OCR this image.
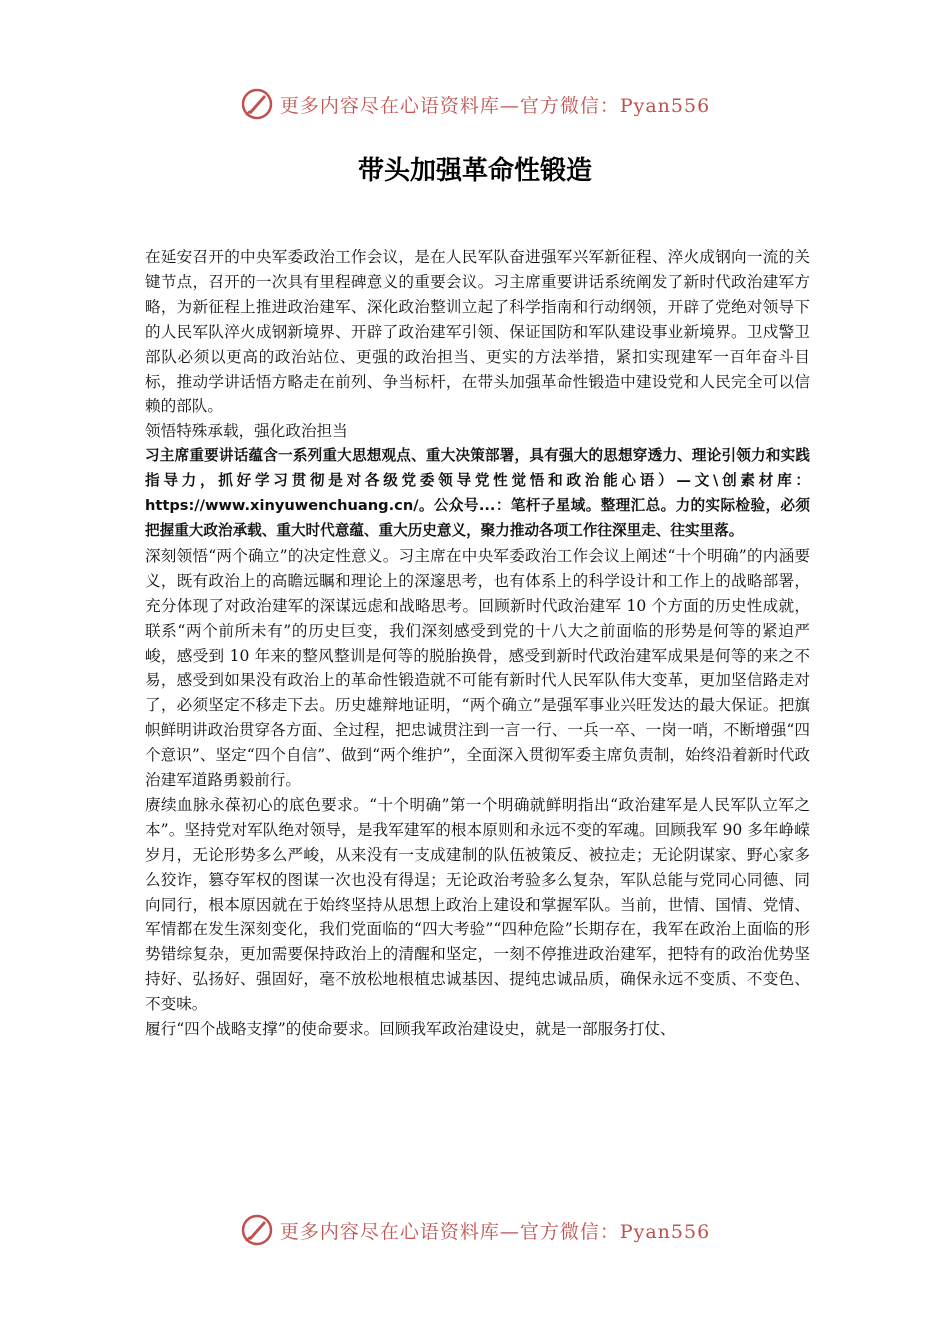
更多内容尽在心语资料库—官方微信：Pyan556
带头加强革命性锻造

在延安召开的中央军委政治工作会议，是在人民军队奋进强军兴军新征程、淬火成钢向一流的关键节点，召开的一次具有里程碑意义的重要会议。习主席重要讲话系统阐发了新时代政治建军方略，为新征程上推进政治建军、深化政治整训立起了科学指南和行动纲领，开辟了党绝对领导下的人民军队淬火成钢新境界、开辟了政治建军引领、保证国防和军队建设事业新境界。卫戍警卫部队必须以更高的政治站位、更强的政治担当、更实的方法举措，紧扣实现建军一百年奋斗目标，推动学讲话悟方略走在前列、争当标杆，在带头加强革命性锻造中建设党和人民完全可以信赖的部队。

领悟特殊承载，强化政治担当

习主席重要讲话蕴含一系列重大思想观点、重大决策部署，具有强大的思想穿透力、理论引领力和实践指导力，抓好学习贯彻是对各级党委领导党性觉悟和政治能心语）—文\创素材库：https://www.xinyuwenchuang.cn/。公众号...：笔杆子星域。整理汇总。力的实际检验，必须把握重大政治承载、重大时代意蕴、重大历史意义，聚力推动各项工作往深里走、往实里落。

深刻领悟“两个确立”的决定性意义。习主席在中央军委政治工作会议上阐述“十个明确”的内涵要义，既有政治上的高瞻远瞩和理论上的深邃思考，也有体系上的科学设计和工作上的战略部署，充分体现了对政治建军的深谋远虑和战略思考。回顾新时代政治建军 10 个方面的历史性成就，联系“两个前所未有”的历史巨变，我们深刻感受到党的十八大之前面临的形势是何等的紧迫严峻，感受到 10 年来的整风整训是何等的脱胎换骨，感受到新时代政治建军成果是何等的来之不易，感受到如果没有政治上的革命性锻造就不可能有新时代人民军队伟大变革，更加坚信路走对了，必须坚定不移走下去。历史雄辩地证明，“两个确立”是强军事业兴旺发达的最大保证。把旗帜鲜明讲政治贯穿各方面、全过程，把忠诚贯注到一言一行、一兵一卒、一岗一哨，不断增强“四个意识”、坚定“四个自信”、做到“两个维护”，全面深入贯彻军委主席负责制，始终沿着新时代政治建军道路勇毅前行。

赓续血脉永葆初心的底色要求。“十个明确”第一个明确就鲜明指出“政治建军是人民军队立军之本”。坚持党对军队绝对领导，是我军建军的根本原则和永远不变的军魂。回顾我军 90 多年峥嵘岁月，无论形势多么严峻，从来没有一支成建制的队伍被策反、被拉走；无论阴谋家、野心家多么狡诈，篡夺军权的图谋一次也没有得逞；无论政治考验多么复杂，军队总能与党同心同德、同向同行，根本原因就在于始终坚持从思想上政治上建设和掌握军队。当前，世情、国情、党情、军情都在发生深刻变化，我们党面临的“四大考验”“四种危险”长期存在，我军在政治上面临的形势错综复杂，更加需要保持政治上的清醒和坚定，一刻不停推进政治建军，把特有的政治优势坚持好、弘扬好、强固好，毫不放松地根植忠诚基因、提纯忠诚品质，确保永远不变质、不变色、不变味。

履行“四个战略支撑”的使命要求。回顾我军政治建设史，就是一部服务打仗、

更多内容尽在心语资料库—官方微信：Pyan556
